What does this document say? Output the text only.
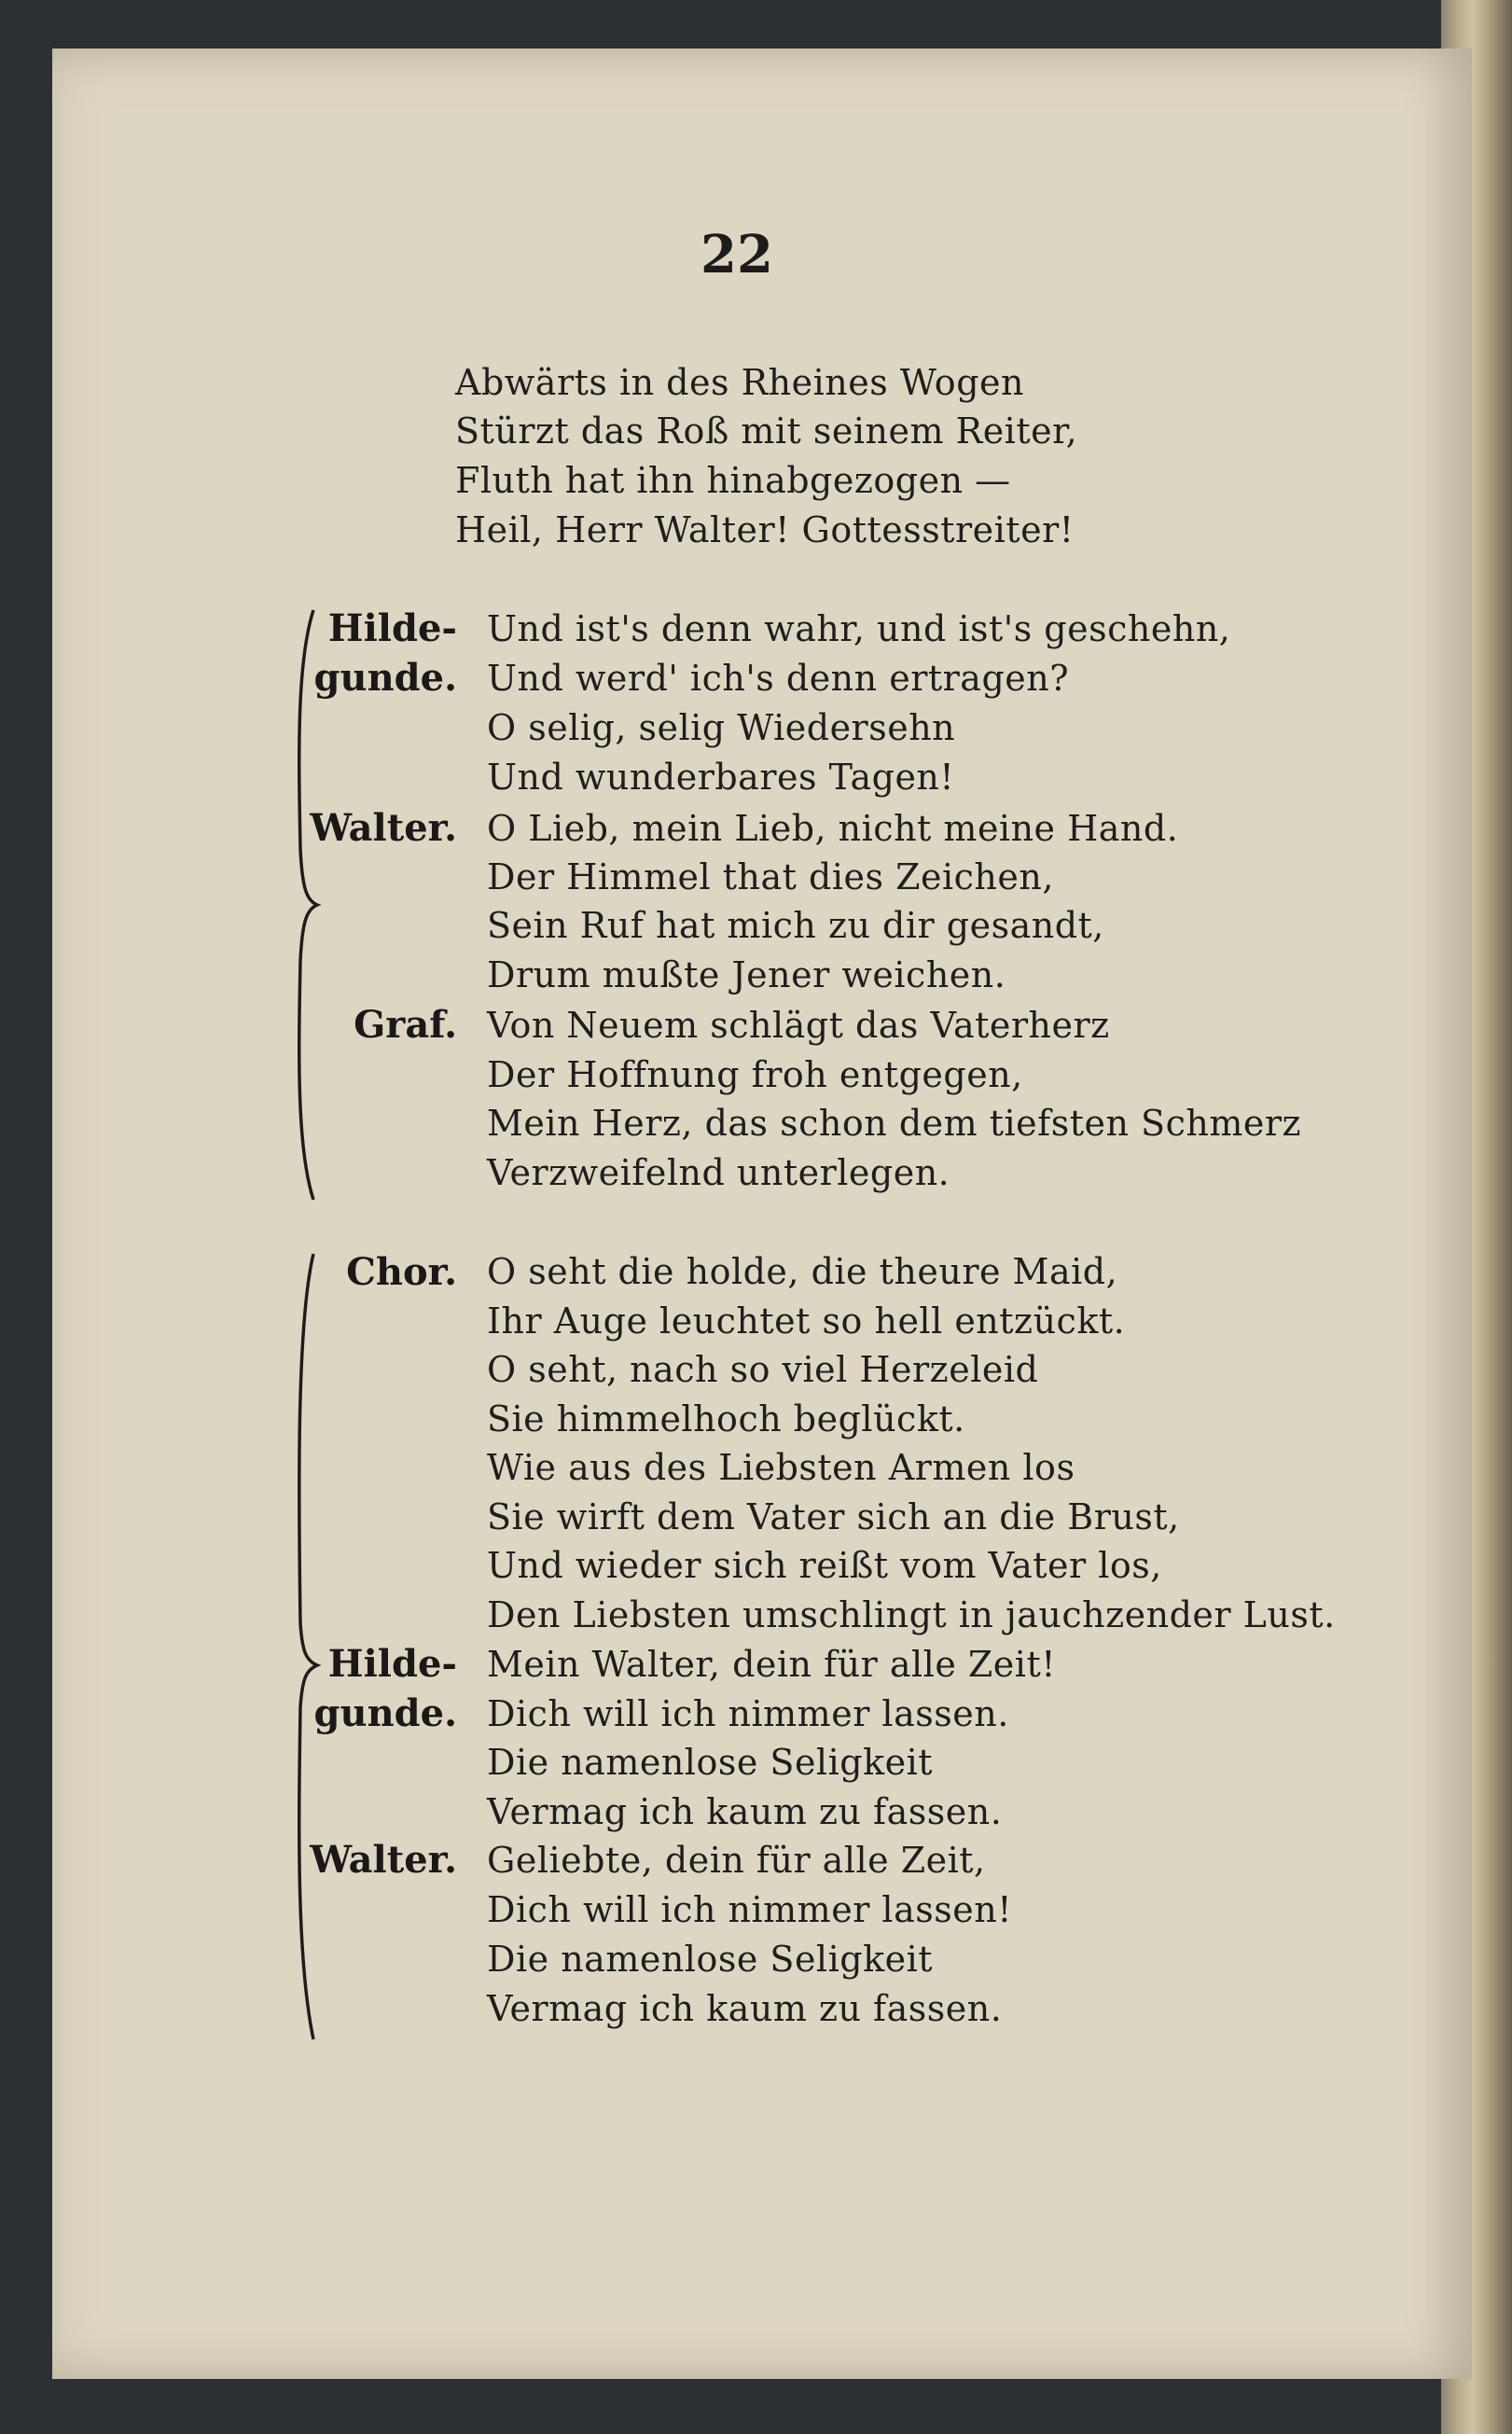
22
Abwärts in des Rheines Wogen
Stürzt das Roß mit seinem Reiter,
Fluth hat ihn hinabgezogen —
Heil, Herr Walter! Gottesstreiter!
Hilde-
gunde.
Walter.
Graf.
Und ist's denn wahr, und ist's geschehn,
Und werd' ich's denn ertragen?
O selig, selig Wiedersehn
Und wunderbares Tagen!
O Lieb, mein Lieb, nicht meine Hand.
Der Himmel that dies Zeichen,
Sein Ruf hat mich zu dir gesandt,
Drum mußte Jener weichen.
Von Neuem schlägt das Vaterherz
Der Hoffnung froh entgegen,
Mein Herz, das schon dem tiefsten Schmerz
Verzweifelnd unterlegen.
Chor.
Hilde-
gunde.
Walter.
O seht die holde, die theure Maid,
Ihr Auge leuchtet so hell entzückt.
O seht, nach so viel Herzeleid
Sie himmelhoch beglückt.
Wie aus des Liebsten Armen los
Sie wirft dem Vater sich an die Brust,
Und wieder sich reißt vom Vater los,
Den Liebsten umschlingt in jauchzender Lust.
Mein Walter, dein für alle Zeit!
Dich will ich nimmer lassen.
Die namenlose Seligkeit
Vermag ich kaum zu fassen.
Geliebte, dein für alle Zeit,
Dich will ich nimmer lassen!
Die namenlose Seligkeit
Vermag ich kaum zu fassen.
